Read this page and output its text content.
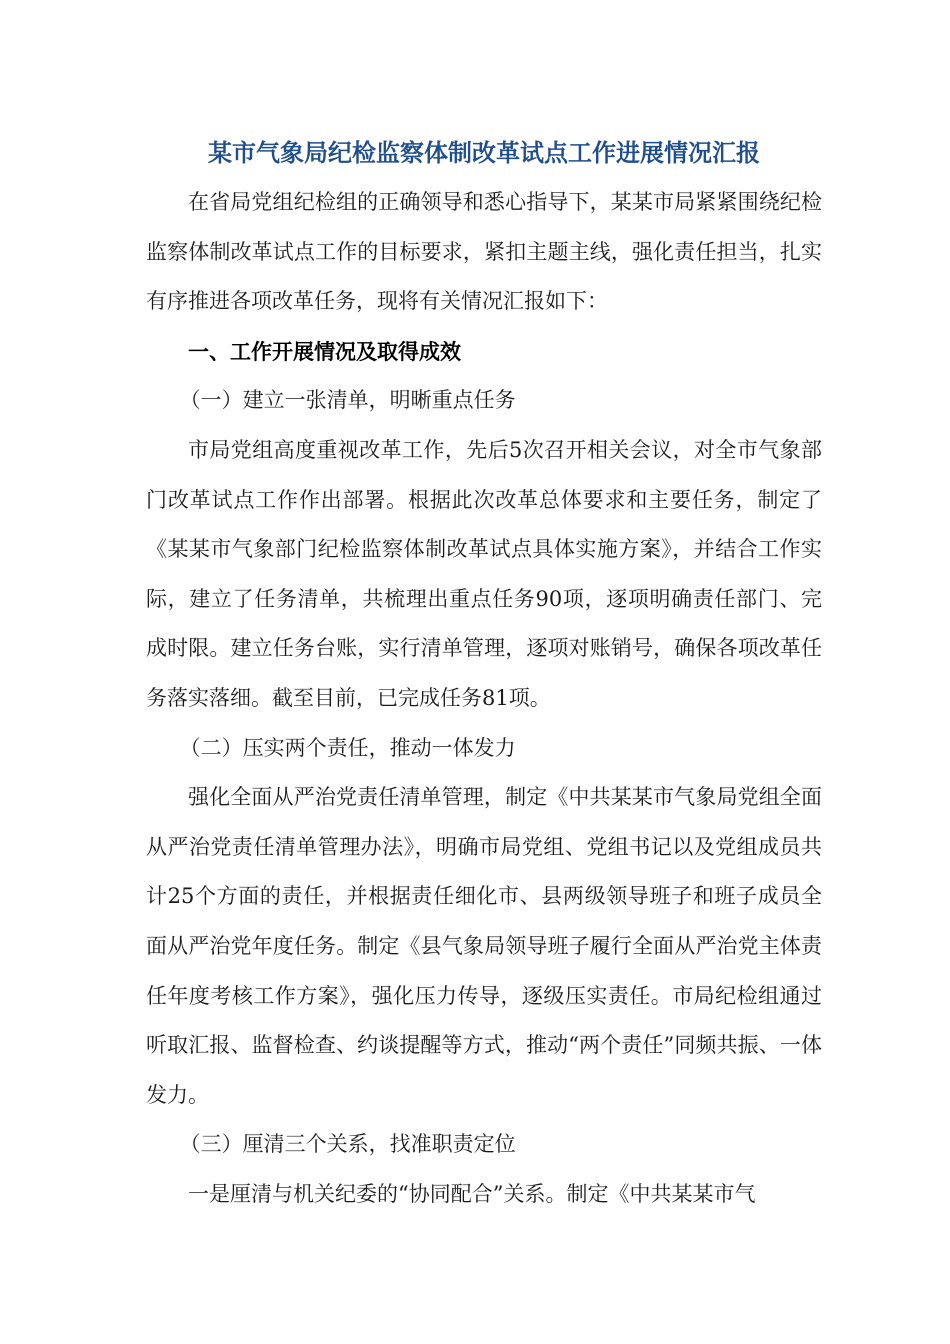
某市气象局纪检监察体制改革试点工作进展情况汇报

在省局党组纪检组的正确领导和悉心指导下，某某市局紧紧围绕纪检监察体制改革试点工作的目标要求，紧扣主题主线，强化责任担当，扎实有序推进各项改革任务，现将有关情况汇报如下：

一、工作开展情况及取得成效

（一）建立一张清单，明晰重点任务

市局党组高度重视改革工作，先后5次召开相关会议，对全市气象部门改革试点工作作出部署。根据此次改革总体要求和主要任务，制定了《某某市气象部门纪检监察体制改革试点具体实施方案》，并结合工作实际，建立了任务清单，共梳理出重点任务90项，逐项明确责任部门、完成时限。建立任务台账，实行清单管理，逐项对账销号，确保各项改革任务落实落细。截至目前，已完成任务81项。

（二）压实两个责任，推动一体发力

强化全面从严治党责任清单管理，制定《中共某某市气象局党组全面从严治党责任清单管理办法》，明确市局党组、党组书记以及党组成员共计25个方面的责任，并根据责任细化市、县两级领导班子和班子成员全面从严治党年度任务。制定《县气象局领导班子履行全面从严治党主体责任年度考核工作方案》，强化压力传导，逐级压实责任。市局纪检组通过听取汇报、监督检查、约谈提醒等方式，推动“两个责任”同频共振、一体发力。

（三）厘清三个关系，找准职责定位

一是厘清与机关纪委的“协同配合”关系。制定《中共某某市气
